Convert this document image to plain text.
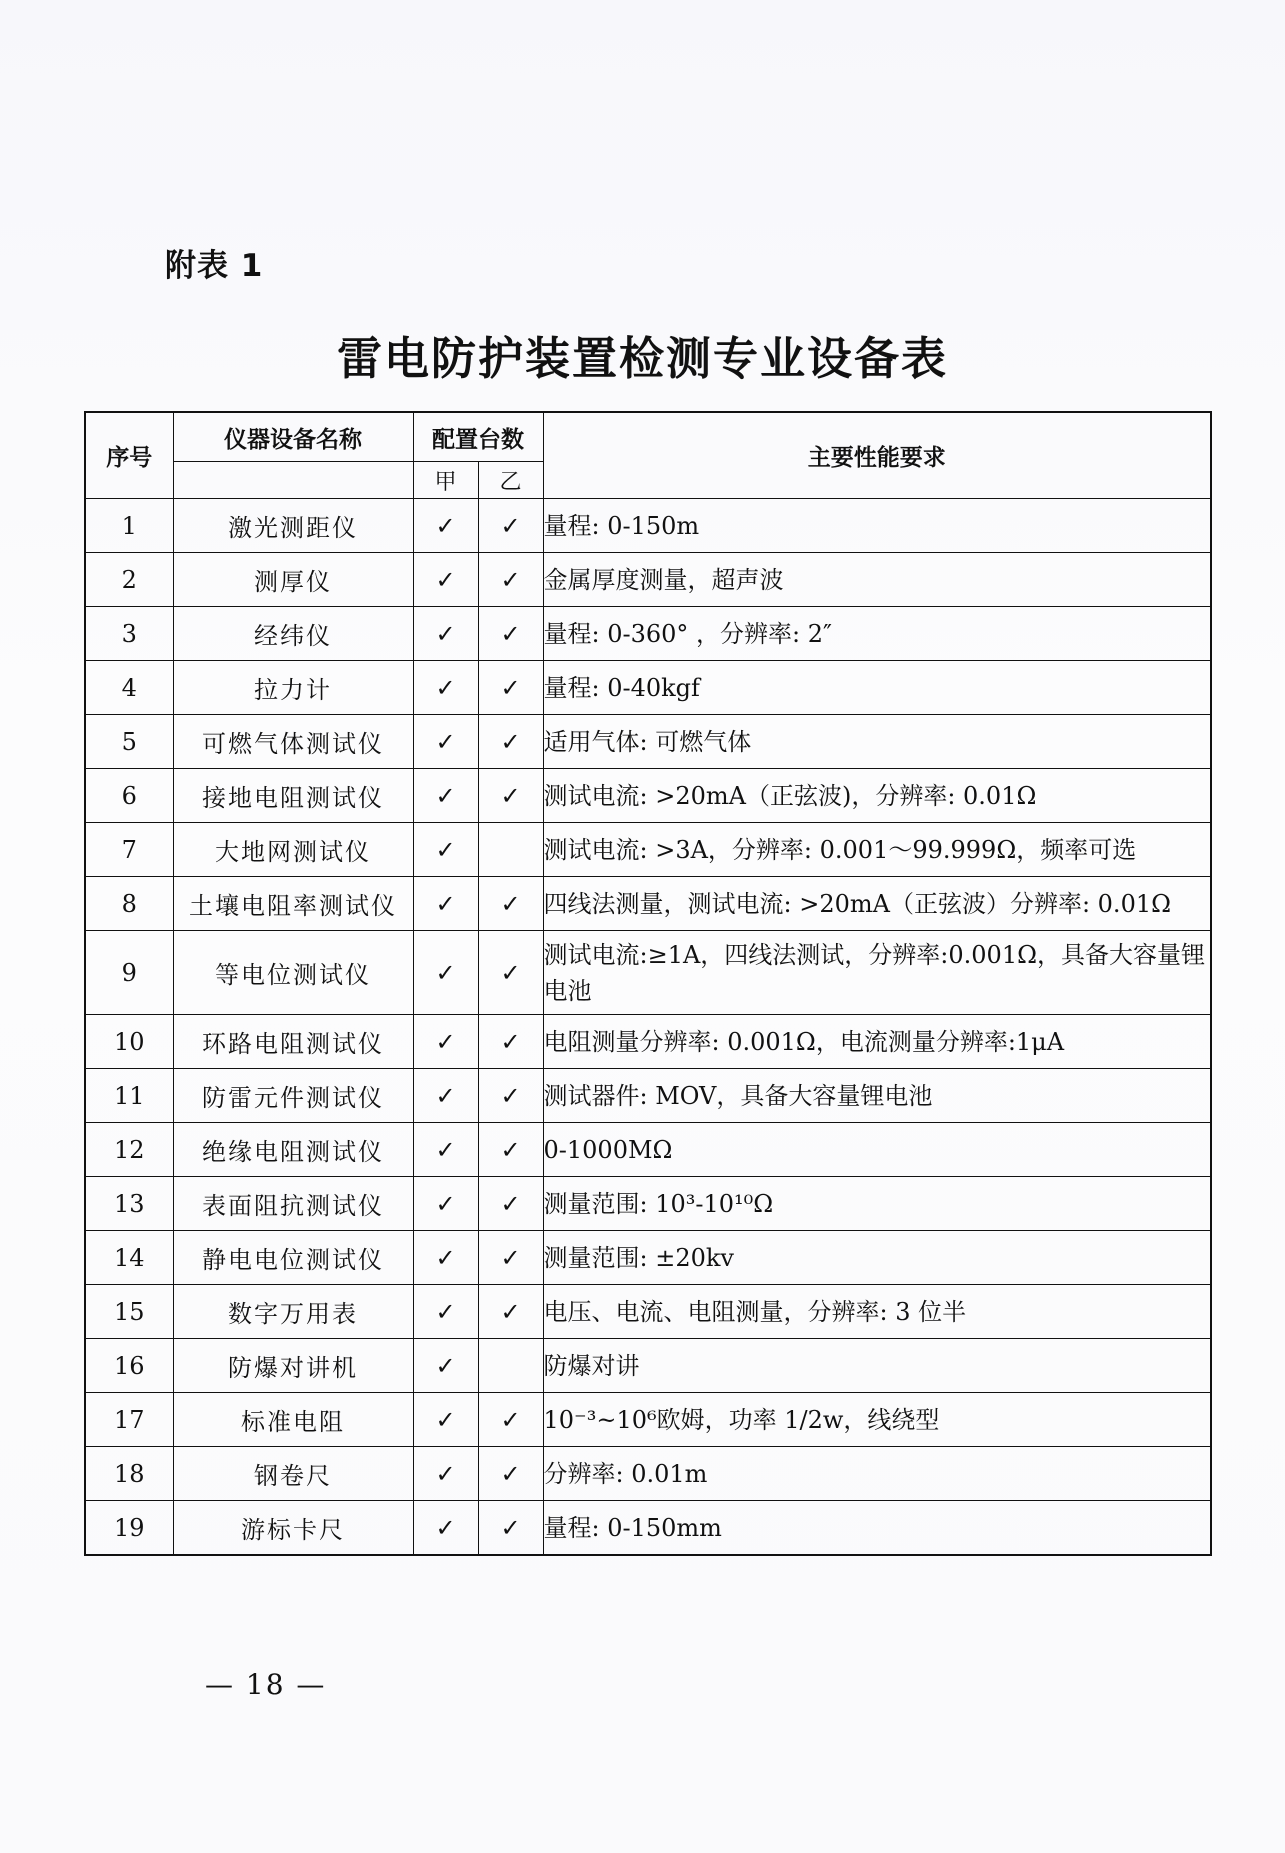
附表 1
雷电防护装置检测专业设备表
序号	仪器设备名称	配置台数		主要性能要求
		甲	乙	
1	激光测距仪	✓	✓	量程: 0-150m
2	测厚仪	✓	✓	金属厚度测量，超声波
3	经纬仪	✓	✓	量程: 0-360° ，分辨率: 2″
4	拉力计	✓	✓	量程: 0-40kgf
5	可燃气体测试仪	✓	✓	适用气体: 可燃气体
6	接地电阻测试仪	✓	✓	测试电流: >20mA（正弦波)，分辨率: 0.01Ω
7	大地网测试仪	✓		测试电流: >3A，分辨率: 0.001～99.999Ω，频率可选
8	土壤电阻率测试仪	✓	✓	四线法测量，测试电流: >20mA（正弦波）分辨率: 0.01Ω
9	等电位测试仪	✓	✓	测试电流:≥1A，四线法测试，分辨率:0.001Ω，具备大容量锂电池
10	环路电阻测试仪	✓	✓	电阻测量分辨率: 0.001Ω，电流测量分辨率:1μA
11	防雷元件测试仪	✓	✓	测试器件: MOV，具备大容量锂电池
12	绝缘电阻测试仪	✓	✓	0-1000MΩ
13	表面阻抗测试仪	✓	✓	测量范围: 10³-10¹⁰Ω
14	静电电位测试仪	✓	✓	测量范围: ±20kv
15	数字万用表	✓	✓	电压、电流、电阻测量，分辨率: 3 位半
16	防爆对讲机	✓		防爆对讲
17	标准电阻	✓	✓	10⁻³~10⁶欧姆，功率 1/2w，线绕型
18	钢卷尺	✓	✓	分辨率: 0.01m
19	游标卡尺	✓	✓	量程: 0-150mm
— 18 —
